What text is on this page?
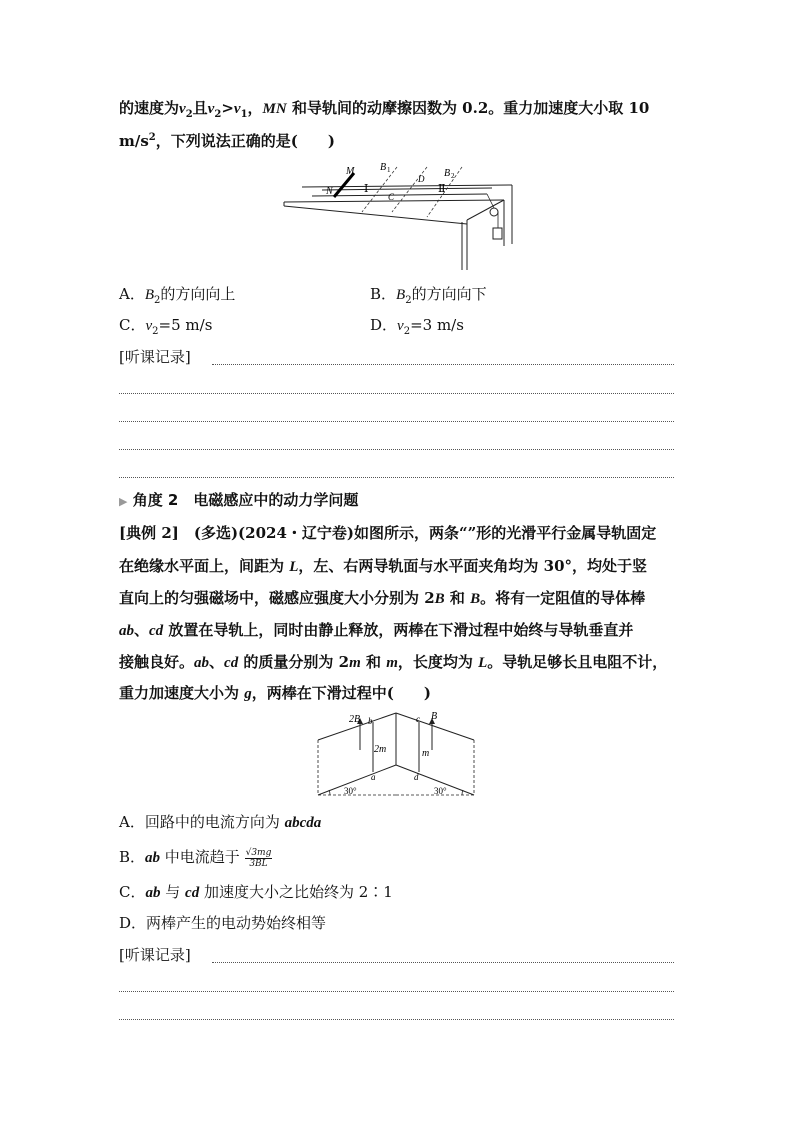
的速度为$v_2$且$v_2>v_1$，MN 和导轨间的动摩擦因数为 0.2。重力加速度大小取 10
$m/s^2$，下列说法正确的是(　　)
M
N
B 1	B 2
Ⅰ	Ⅱ
C
D
A．$B_2$的方向向上	B．$B_2$的方向向下
C．$v_2=5$ m/s	D．$v_2=3$ m/s
[听课记录]
▶ 角度 2　电磁感应中的动力学问题
[典例 2]　(多选)(2024・辽宁卷)如图所示，两条“”形的光滑平行金属导轨固定
在绝缘水平面上，间距为 L，左、右两导轨面与水平面夹角均为 30°，均处于竖
直向上的匀强磁场中，磁感应强度大小分别为 2B 和 B。将有一定阻值的导体棒
ab、cd 放置在导轨上，同时由静止释放，两棒在下滑过程中始终与导轨垂直并
接触良好。ab、cd 的质量分别为 2m 和 m，长度均为 L。导轨足够长且电阻不计，
重力加速度大小为 g，两棒在下滑过程中(　　)
2B b	c B
2m	m
a	d
30°	30°
A．回路中的电流方向为 abcda
B．ab 中电流趋于 $\frac{√3mg}{3BL}$
C．ab 与 cd 加速度大小之比始终为 2∶1
D．两棒产生的电动势始终相等
[听课记录]
